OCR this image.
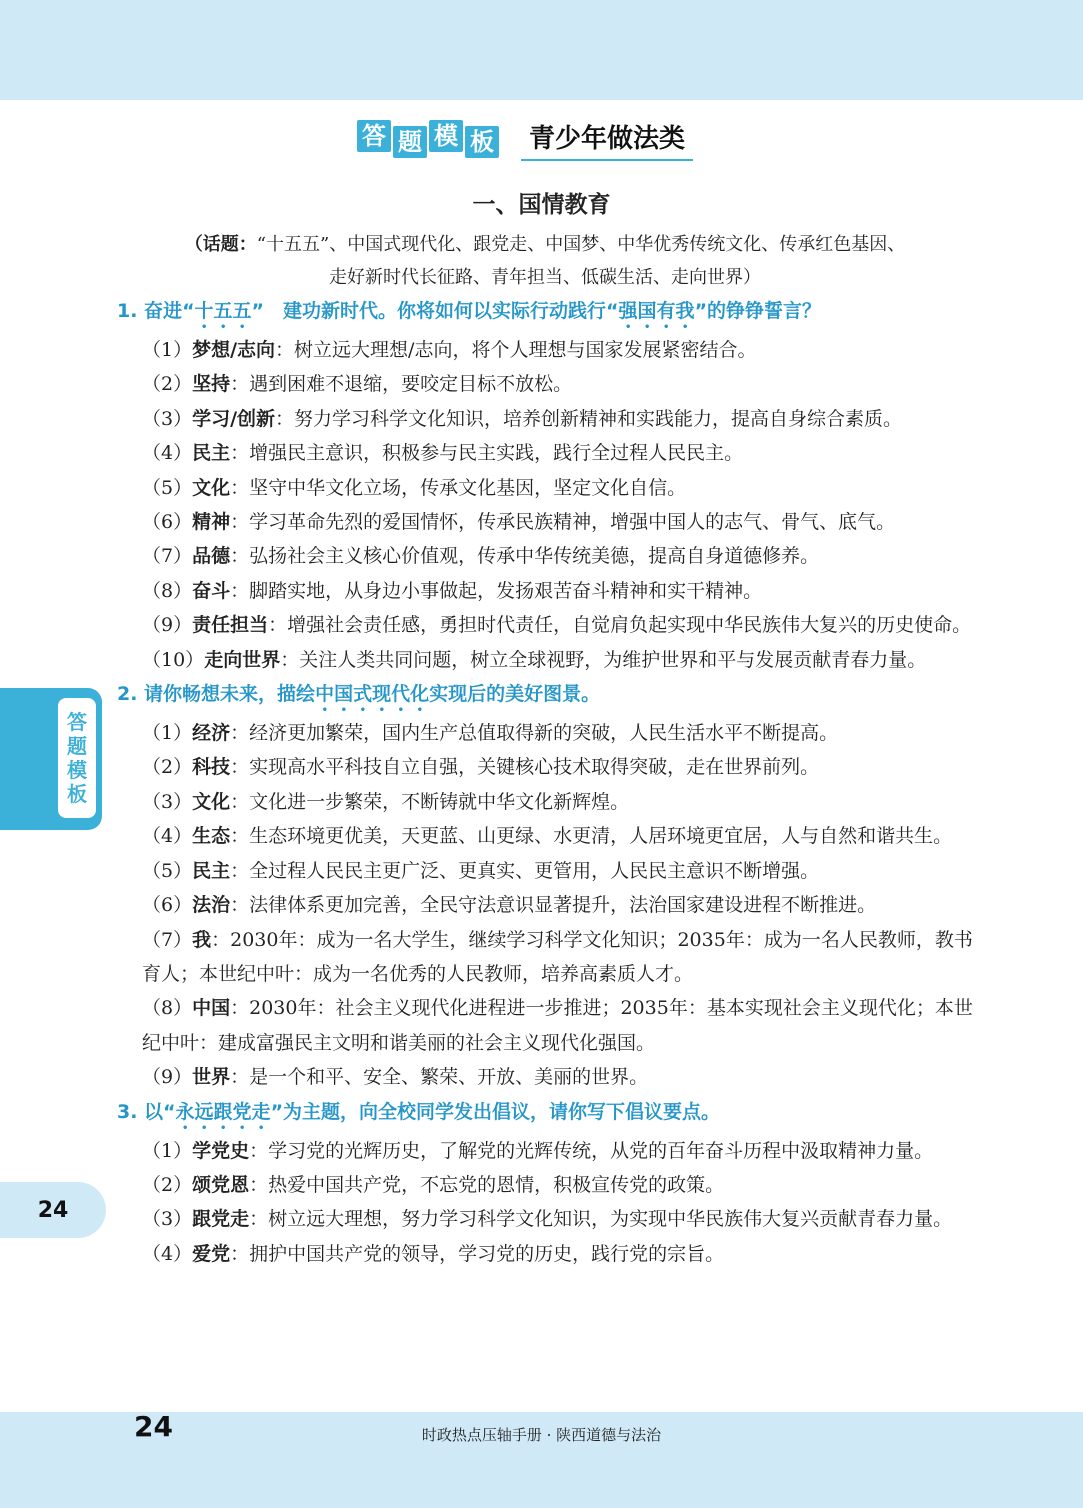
答 题 模 板	青少年做法类
一、国情教育
（话题：“十五五”、中国式现代化、跟党走、中国梦、中华优秀传统文化、传承红色基因、
走好新时代长征路、青年担当、低碳生活、走向世界）
1. 奋进“十五五”　建功新时代。你将如何以实际行动践行“强国有我”的铮铮誓言？
（1）梦想/志向：树立远大理想/志向，将个人理想与国家发展紧密结合。
（2）坚持：遇到困难不退缩，要咬定目标不放松。
（3）学习/创新：努力学习科学文化知识，培养创新精神和实践能力，提高自身综合素质。
（4）民主：增强民主意识，积极参与民主实践，践行全过程人民民主。
（5）文化：坚守中华文化立场，传承文化基因，坚定文化自信。
（6）精神：学习革命先烈的爱国情怀，传承民族精神，增强中国人的志气、骨气、底气。
（7）品德：弘扬社会主义核心价值观，传承中华传统美德，提高自身道德修养。
（8）奋斗：脚踏实地，从身边小事做起，发扬艰苦奋斗精神和实干精神。
（9）责任担当：增强社会责任感，勇担时代责任，自觉肩负起实现中华民族伟大复兴的历史使命。
（10）走向世界：关注人类共同问题，树立全球视野，为维护世界和平与发展贡献青春力量。
2. 请你畅想未来，描绘中国式现代化实现后的美好图景。
（1）经济：经济更加繁荣，国内生产总值取得新的突破，人民生活水平不断提高。
（2）科技：实现高水平科技自立自强，关键核心技术取得突破，走在世界前列。
（3）文化：文化进一步繁荣，不断铸就中华文化新辉煌。
（4）生态：生态环境更优美，天更蓝、山更绿、水更清，人居环境更宜居，人与自然和谐共生。
（5）民主：全过程人民民主更广泛、更真实、更管用，人民民主意识不断增强。
（6）法治：法律体系更加完善，全民守法意识显著提升，法治国家建设进程不断推进。
（7）我：2030年：成为一名大学生，继续学习科学文化知识；2035年：成为一名人民教师，教书育人；本世纪中叶：成为一名优秀的人民教师，培养高素质人才。
（8）中国：2030年：社会主义现代化进程进一步推进；2035年：基本实现社会主义现代化；本世纪中叶：建成富强民主文明和谐美丽的社会主义现代化强国。
（9）世界：是一个和平、安全、繁荣、开放、美丽的世界。
3. 以“永远跟党走”为主题，向全校同学发出倡议，请你写下倡议要点。
（1）学党史：学习党的光辉历史，了解党的光辉传统，从党的百年奋斗历程中汲取精神力量。
（2）颂党恩：热爱中国共产党，不忘党的恩情，积极宣传党的政策。
（3）跟党走：树立远大理想，努力学习科学文化知识，为实现中华民族伟大复兴贡献青春力量。
（4）爱党：拥护中国共产党的领导，学习党的历史，践行党的宗旨。
答
题
模
板
24
24	时政热点压轴手册 · 陕西道德与法治
